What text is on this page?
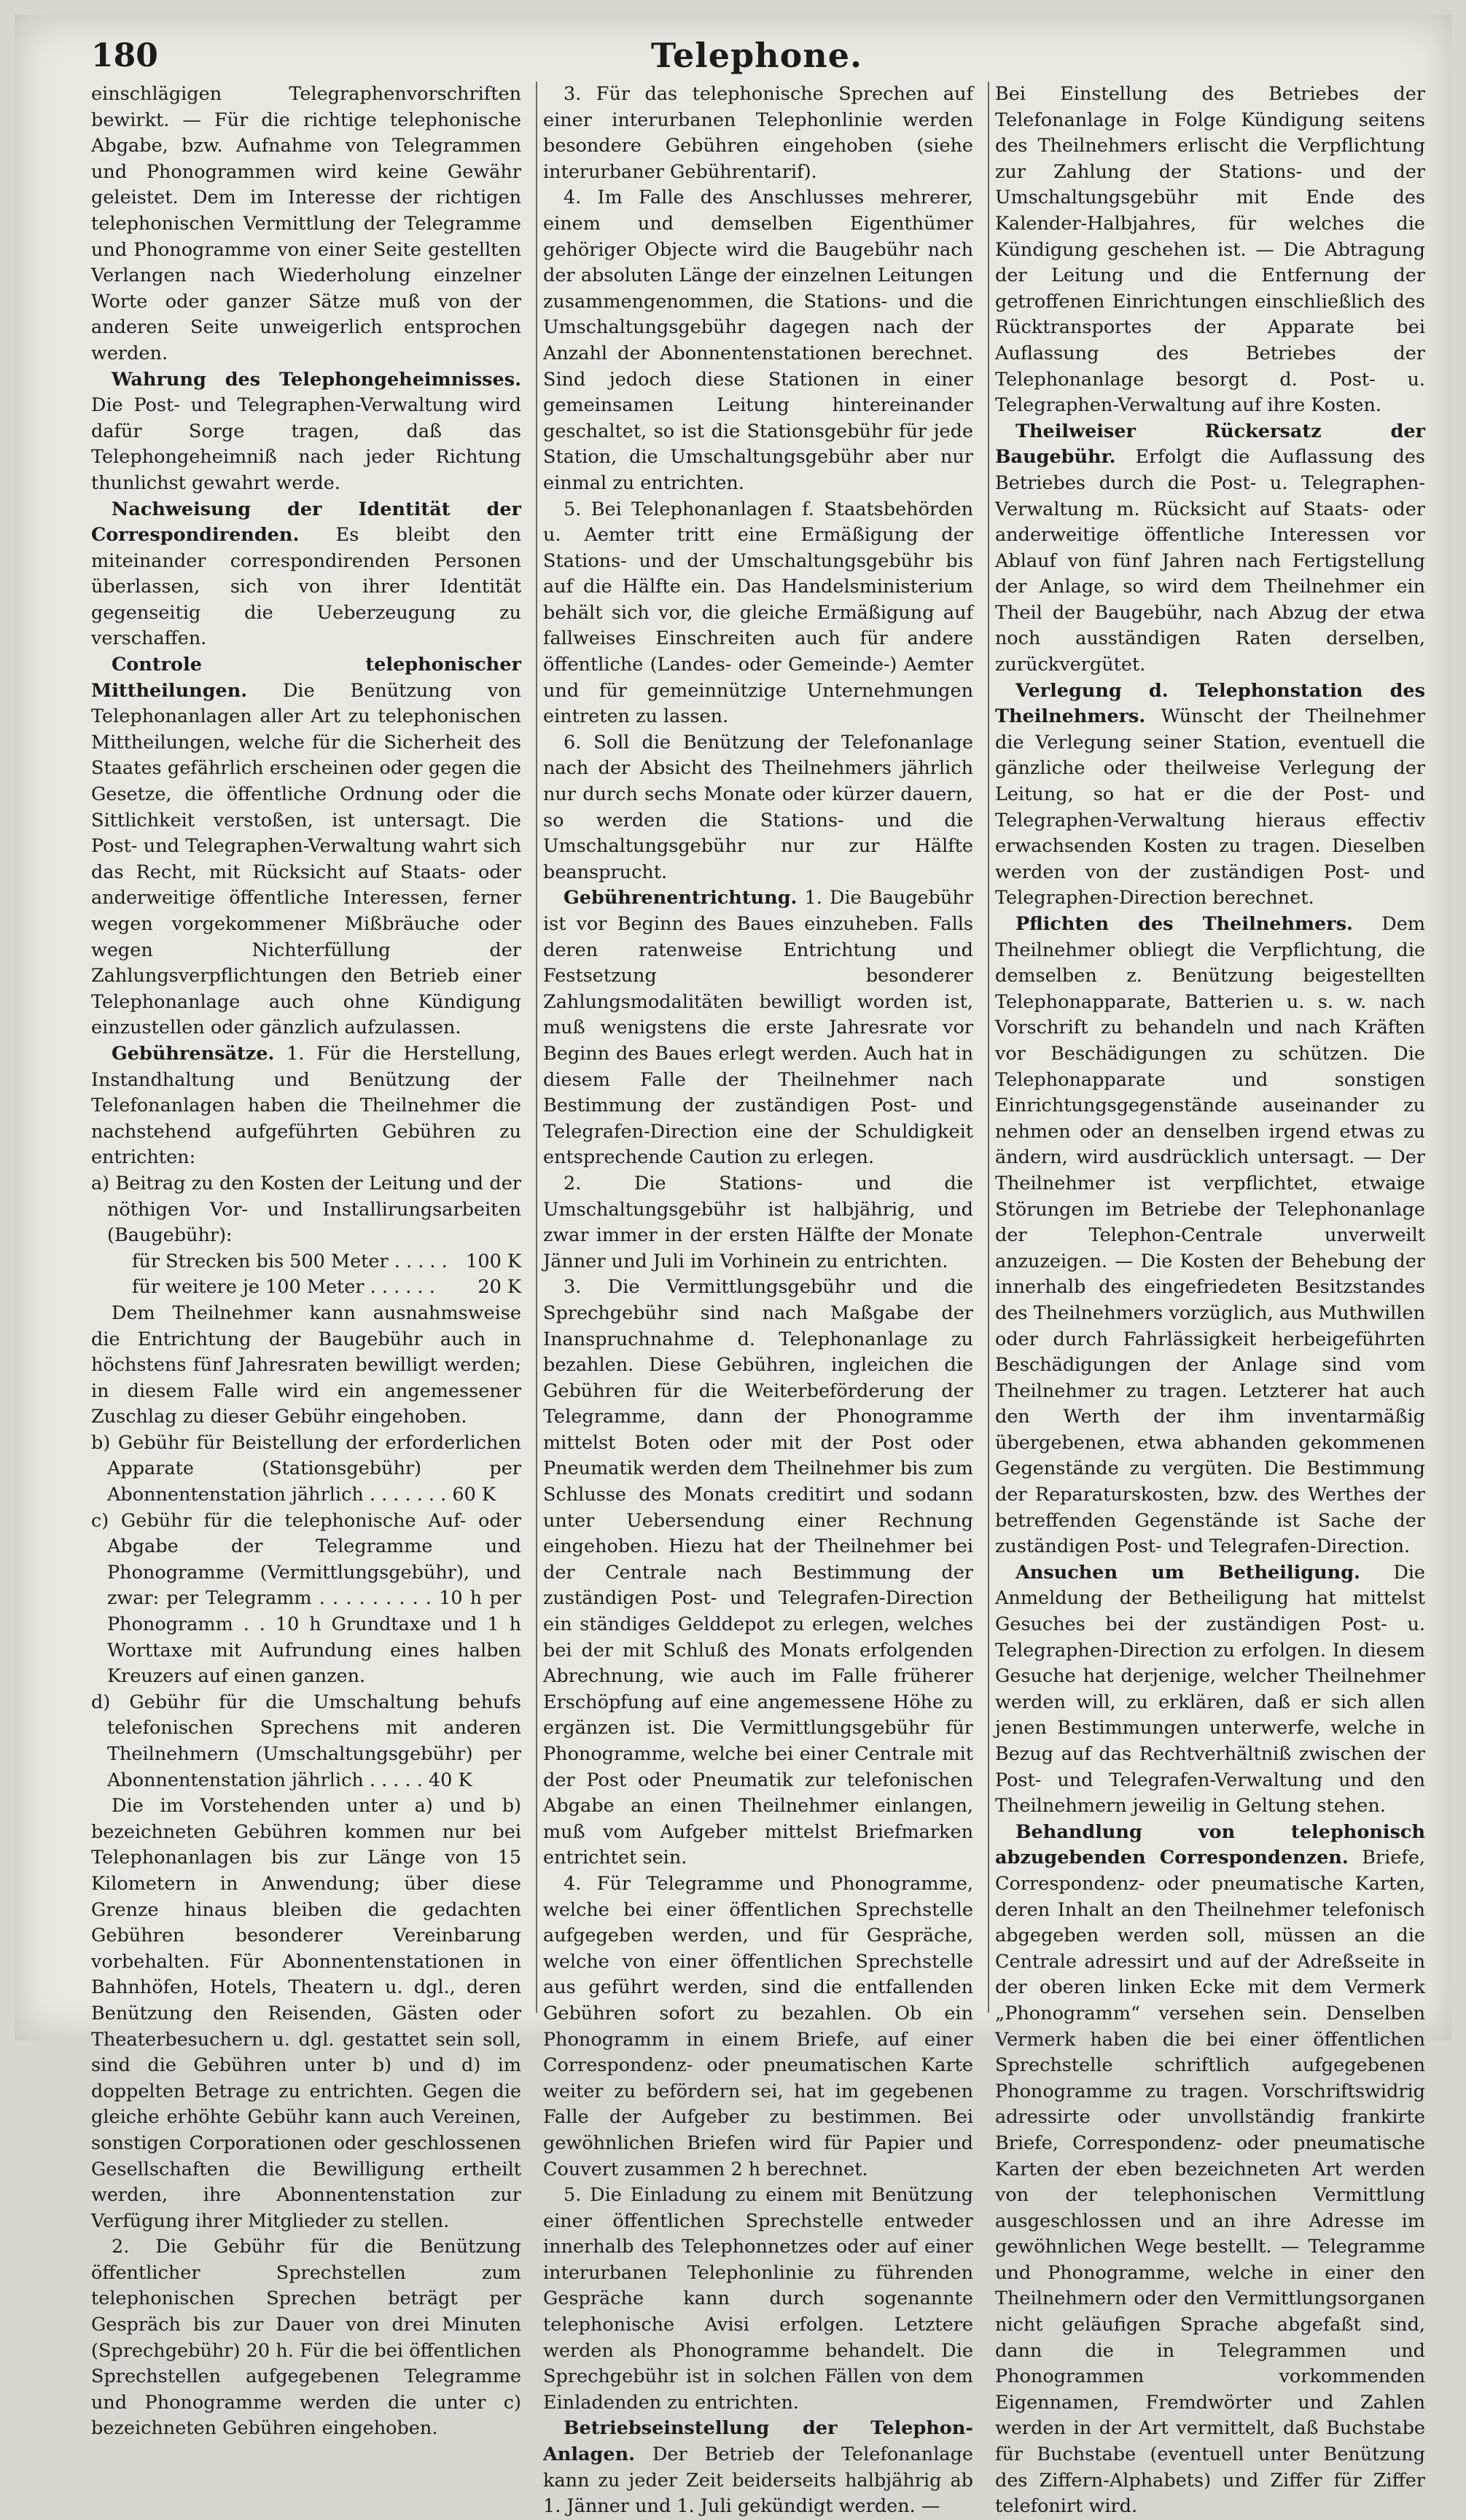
180	Telephone.

einschlägigen Telegraphenvorschriften bewirkt. — Für die richtige telephonische Abgabe, bzw. Aufnahme von Telegrammen und Phonogrammen wird keine Gewähr geleistet. Dem im Interesse der richtigen telephonischen Vermittlung der Telegramme und Phonogramme von einer Seite gestellten Verlangen nach Wiederholung einzelner Worte oder ganzer Sätze muß von der anderen Seite unweigerlich entsprochen werden.

Wahrung des Telephongeheimnisses. Die Post- und Telegraphen-Verwaltung wird dafür Sorge tragen, daß das Telephongeheimniß nach jeder Richtung thunlichst gewahrt werde.

Nachweisung der Identität der Correspondirenden. Es bleibt den miteinander correspondirenden Personen überlassen, sich von ihrer Identität gegenseitig die Ueberzeugung zu verschaffen.

Controle telephonischer Mittheilungen. Die Benützung von Telephonanlagen aller Art zu telephonischen Mittheilungen, welche für die Sicherheit des Staates gefährlich erscheinen oder gegen die Gesetze, die öffentliche Ordnung oder die Sittlichkeit verstoßen, ist untersagt. Die Post- und Telegraphen-Verwaltung wahrt sich das Recht, mit Rücksicht auf Staats- oder anderweitige öffentliche Interessen, ferner wegen vorgekommener Mißbräuche oder wegen Nichterfüllung der Zahlungsverpflichtungen den Betrieb einer Telephonanlage auch ohne Kündigung einzustellen oder gänzlich aufzulassen.

Gebührensätze. 1. Für die Herstellung, Instandhaltung und Benützung der Telefonanlagen haben die Theilnehmer die nachstehend aufgeführten Gebühren zu entrichten:

a) Beitrag zu den Kosten der Leitung und der nöthigen Vor- und Installirungsarbeiten (Baugebühr):

für Strecken bis 500 Meter . . . . . 100 K
für weitere je 100 Meter . . . . . . 20 K

Dem Theilnehmer kann ausnahmsweise die Entrichtung der Baugebühr auch in höchstens fünf Jahresraten bewilligt werden; in diesem Falle wird ein angemessener Zuschlag zu dieser Gebühr eingehoben.

b) Gebühr für Beistellung der erforderlichen Apparate (Stationsgebühr) per Abonnentenstation jährlich . . . . . . . 60 K

c) Gebühr für die telephonische Auf- oder Abgabe der Telegramme und Phonogramme (Vermittlungsgebühr), und zwar: per Telegramm . . . . . . . . . 10 h per Phonogramm . . 10 h Grundtaxe und 1 h Worttaxe mit Aufrundung eines halben Kreuzers auf einen ganzen.

d) Gebühr für die Umschaltung behufs telefonischen Sprechens mit anderen Theilnehmern (Umschaltungsgebühr) per Abonnentenstation jährlich . . . . . 40 K

Die im Vorstehenden unter a) und b) bezeichneten Gebühren kommen nur bei Telephonanlagen bis zur Länge von 15 Kilometern in Anwendung; über diese Grenze hinaus bleiben die gedachten Gebühren besonderer Vereinbarung vorbehalten. Für Abonnentenstationen in Bahnhöfen, Hotels, Theatern u. dgl., deren Benützung den Reisenden, Gästen oder Theaterbesuchern u. dgl. gestattet sein soll, sind die Gebühren unter b) und d) im doppelten Betrage zu entrichten. Gegen die gleiche erhöhte Gebühr kann auch Vereinen, sonstigen Corporationen oder geschlossenen Gesellschaften die Bewilligung ertheilt werden, ihre Abonnentenstation zur Verfügung ihrer Mitglieder zu stellen.

2. Die Gebühr für die Benützung öffentlicher Sprechstellen zum telephonischen Sprechen beträgt per Gespräch bis zur Dauer von drei Minuten (Sprechgebühr) 20 h. Für die bei öffentlichen Sprechstellen aufgegebenen Telegramme und Phonogramme werden die unter c) bezeichneten Gebühren eingehoben.

3. Für das telephonische Sprechen auf einer interurbanen Telephonlinie werden besondere Gebühren eingehoben (siehe interurbaner Gebührentarif).

4. Im Falle des Anschlusses mehrerer, einem und demselben Eigenthümer gehöriger Objecte wird die Baugebühr nach der absoluten Länge der einzelnen Leitungen zusammengenommen, die Stations- und die Umschaltungsgebühr dagegen nach der Anzahl der Abonnentenstationen berechnet. Sind jedoch diese Stationen in einer gemeinsamen Leitung hintereinander geschaltet, so ist die Stationsgebühr für jede Station, die Umschaltungsgebühr aber nur einmal zu entrichten.

5. Bei Telephonanlagen f. Staatsbehörden u. Aemter tritt eine Ermäßigung der Stations- und der Umschaltungsgebühr bis auf die Hälfte ein. Das Handelsministerium behält sich vor, die gleiche Ermäßigung auf fallweises Einschreiten auch für andere öffentliche (Landes- oder Gemeinde-) Aemter und für gemeinnützige Unternehmungen eintreten zu lassen.

6. Soll die Benützung der Telefonanlage nach der Absicht des Theilnehmers jährlich nur durch sechs Monate oder kürzer dauern, so werden die Stations- und die Umschaltungsgebühr nur zur Hälfte beansprucht.

Gebührenentrichtung. 1. Die Baugebühr ist vor Beginn des Baues einzuheben. Falls deren ratenweise Entrichtung und Festsetzung besonderer Zahlungsmodalitäten bewilligt worden ist, muß wenigstens die erste Jahresrate vor Beginn des Baues erlegt werden. Auch hat in diesem Falle der Theilnehmer nach Bestimmung der zuständigen Post- und Telegrafen-Direction eine der Schuldigkeit entsprechende Caution zu erlegen.

2. Die Stations- und die Umschaltungsgebühr ist halbjährig, und zwar immer in der ersten Hälfte der Monate Jänner und Juli im Vorhinein zu entrichten.

3. Die Vermittlungsgebühr und die Sprechgebühr sind nach Maßgabe der Inanspruchnahme d. Telephonanlage zu bezahlen. Diese Gebühren, ingleichen die Gebühren für die Weiterbeförderung der Telegramme, dann der Phonogramme mittelst Boten oder mit der Post oder Pneumatik werden dem Theilnehmer bis zum Schlusse des Monats creditirt und sodann unter Uebersendung einer Rechnung eingehoben. Hiezu hat der Theilnehmer bei der Centrale nach Bestimmung der zuständigen Post- und Telegrafen-Direction ein ständiges Gelddepot zu erlegen, welches bei der mit Schluß des Monats erfolgenden Abrechnung, wie auch im Falle früherer Erschöpfung auf eine angemessene Höhe zu ergänzen ist. Die Vermittlungsgebühr für Phonogramme, welche bei einer Centrale mit der Post oder Pneumatik zur telefonischen Abgabe an einen Theilnehmer einlangen, muß vom Aufgeber mittelst Briefmarken entrichtet sein.

4. Für Telegramme und Phonogramme, welche bei einer öffentlichen Sprechstelle aufgegeben werden, und für Gespräche, welche von einer öffentlichen Sprechstelle aus geführt werden, sind die entfallenden Gebühren sofort zu bezahlen. Ob ein Phonogramm in einem Briefe, auf einer Correspondenz- oder pneumatischen Karte weiter zu befördern sei, hat im gegebenen Falle der Aufgeber zu bestimmen. Bei gewöhnlichen Briefen wird für Papier und Couvert zusammen 2 h berechnet.

5. Die Einladung zu einem mit Benützung einer öffentlichen Sprechstelle entweder innerhalb des Telephonnetzes oder auf einer interurbanen Telephonlinie zu führenden Gespräche kann durch sogenannte telephonische Avisi erfolgen. Letztere werden als Phonogramme behandelt. Die Sprechgebühr ist in solchen Fällen von dem Einladenden zu entrichten.

Betriebseinstellung der Telephon-Anlagen. Der Betrieb der Telefonanlage kann zu jeder Zeit beiderseits halbjährig ab 1. Jänner und 1. Juli gekündigt werden. —

Bei Einstellung des Betriebes der Telefonanlage in Folge Kündigung seitens des Theilnehmers erlischt die Verpflichtung zur Zahlung der Stations- und der Umschaltungsgebühr mit Ende des Kalender-Halbjahres, für welches die Kündigung geschehen ist. — Die Abtragung der Leitung und die Entfernung der getroffenen Einrichtungen einschließlich des Rücktransportes der Apparate bei Auflassung des Betriebes der Telephonanlage besorgt d. Post- u. Telegraphen-Verwaltung auf ihre Kosten.

Theilweiser Rückersatz der Baugebühr. Erfolgt die Auflassung des Betriebes durch die Post- u. Telegraphen-Verwaltung m. Rücksicht auf Staats- oder anderweitige öffentliche Interessen vor Ablauf von fünf Jahren nach Fertigstellung der Anlage, so wird dem Theilnehmer ein Theil der Baugebühr, nach Abzug der etwa noch ausständigen Raten derselben, zurückvergütet.

Verlegung d. Telephonstation des Theilnehmers. Wünscht der Theilnehmer die Verlegung seiner Station, eventuell die gänzliche oder theilweise Verlegung der Leitung, so hat er die der Post- und Telegraphen-Verwaltung hieraus effectiv erwachsenden Kosten zu tragen. Dieselben werden von der zuständigen Post- und Telegraphen-Direction berechnet.

Pflichten des Theilnehmers. Dem Theilnehmer obliegt die Verpflichtung, die demselben z. Benützung beigestellten Telephonapparate, Batterien u. s. w. nach Vorschrift zu behandeln und nach Kräften vor Beschädigungen zu schützen. Die Telephonapparate und sonstigen Einrichtungsgegenstände auseinander zu nehmen oder an denselben irgend etwas zu ändern, wird ausdrücklich untersagt. — Der Theilnehmer ist verpflichtet, etwaige Störungen im Betriebe der Telephonanlage der Telephon-Centrale unverweilt anzuzeigen. — Die Kosten der Behebung der innerhalb des eingefriedeten Besitzstandes des Theilnehmers vorzüglich, aus Muthwillen oder durch Fahrlässigkeit herbeigeführten Beschädigungen der Anlage sind vom Theilnehmer zu tragen. Letzterer hat auch den Werth der ihm inventarmäßig übergebenen, etwa abhanden gekommenen Gegenstände zu vergüten. Die Bestimmung der Reparaturskosten, bzw. des Werthes der betreffenden Gegenstände ist Sache der zuständigen Post- und Telegrafen-Direction.

Ansuchen um Betheiligung. Die Anmeldung der Betheiligung hat mittelst Gesuches bei der zuständigen Post- u. Telegraphen-Direction zu erfolgen. In diesem Gesuche hat derjenige, welcher Theilnehmer werden will, zu erklären, daß er sich allen jenen Bestimmungen unterwerfe, welche in Bezug auf das Rechtverhältniß zwischen der Post- und Telegrafen-Verwaltung und den Theilnehmern jeweilig in Geltung stehen.

Behandlung von telephonisch abzugebenden Correspondenzen. Briefe, Correspondenz- oder pneumatische Karten, deren Inhalt an den Theilnehmer telefonisch abgegeben werden soll, müssen an die Centrale adressirt und auf der Adreßseite in der oberen linken Ecke mit dem Vermerk „Phonogramm“ versehen sein. Denselben Vermerk haben die bei einer öffentlichen Sprechstelle schriftlich aufgegebenen Phonogramme zu tragen. Vorschriftswidrig adressirte oder unvollständig frankirte Briefe, Correspondenz- oder pneumatische Karten der eben bezeichneten Art werden von der telephonischen Vermittlung ausgeschlossen und an ihre Adresse im gewöhnlichen Wege bestellt. — Telegramme und Phonogramme, welche in einer den Theilnehmern oder den Vermittlungsorganen nicht geläufigen Sprache abgefaßt sind, dann die in Telegrammen und Phonogrammen vorkommenden Eigennamen, Fremdwörter und Zahlen werden in der Art vermittelt, daß Buchstabe für Buchstabe (eventuell unter Benützung des Ziffern-Alphabets) und Ziffer für Ziffer telefonirt wird.
